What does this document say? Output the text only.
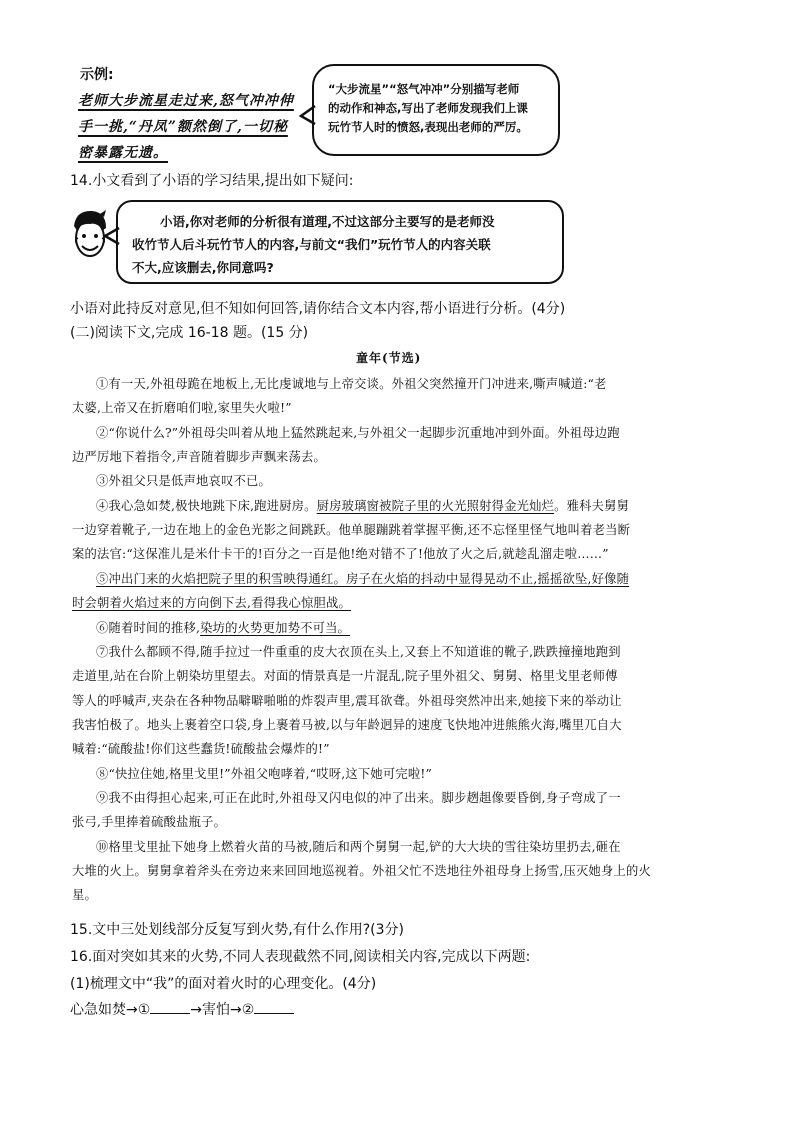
示例:
老师大步流星走过来,怒气冲冲伸
手一挑,“丹凤”额然倒了,一切秘
密暴露无遗。
“大步流星”“怒气冲冲”分别描写老师
的动作和神态,写出了老师发现我们上课
玩竹节人时的愤怒,表现出老师的严厉。
14.小文看到了小语的学习结果,提出如下疑问:
小语,你对老师的分析很有道理,不过这部分主要写的是老师没
收竹节人后斗玩竹节人的内容,与前文“我们”玩竹节人的内容关联
不大,应该删去,你同意吗?
小语对此持反对意见,但不知如何回答,请你结合文本内容,帮小语进行分析。(4分)
(二)阅读下文,完成 16-18 题。(15 分)
童年(节选)
①有一天,外祖母跪在地板上,无比虔诚地与上帝交谈。外祖父突然撞开门冲进来,嘶声喊道:“老
太婆,上帝又在折磨咱们啦,家里失火啦!”
②“你说什么?”外祖母尖叫着从地上猛然跳起来,与外祖父一起脚步沉重地冲到外面。外祖母边跑
边严厉地下着指令,声音随着脚步声飘来荡去。
③外祖父只是低声地哀叹不已。
④我心急如焚,极快地跳下床,跑进厨房。厨房玻璃窗被院子里的火光照射得金光灿烂。雅科夫舅舅
一边穿着靴子,一边在地上的金色光影之间跳跃。他单腿蹦跳着掌握平衡,还不忘怪里怪气地叫着老当断
案的法官:“这保准儿是米什卡干的!百分之一百是他!绝对错不了!他放了火之后,就趁乱溜走啦……”
⑤冲出门来的火焰把院子里的积雪映得通红。房子在火焰的抖动中显得晃动不止,摇摇欲坠,好像随
时会朝着火焰过来的方向倒下去,看得我心惊胆战。
⑥随着时间的推移,染坊的火势更加势不可当。
⑦我什么都顾不得,随手拉过一件重重的皮大衣顶在头上,又套上不知道谁的靴子,跌跌撞撞地跑到
走道里,站在台阶上朝染坊里望去。对面的情景真是一片混乱,院子里外祖父、舅舅、格里戈里老师傅
等人的呼喊声,夹杂在各种物品噼噼啪啪的炸裂声里,震耳欲聋。外祖母突然冲出来,她接下来的举动让
我害怕极了。地头上裹着空口袋,身上裹着马被,以与年龄迥异的速度飞快地冲进熊熊火海,嘴里兀自大
喊着:“硫酸盐!你们这些蠢货!硫酸盐会爆炸的!”
⑧“快拉住她,格里戈里!”外祖父咆哮着,“哎呀,这下她可完啦!”
⑨我不由得担心起来,可正在此时,外祖母又闪电似的冲了出来。脚步趔趄像要昏倒,身子弯成了一
张弓,手里捧着硫酸盐瓶子。
⑩格里戈里扯下她身上燃着火苗的马被,随后和两个舅舅一起,铲的大大块的雪往染坊里扔去,砸在
大堆的火上。舅舅拿着斧头在旁边来来回回地巡视着。外祖父忙不迭地往外祖母身上扬雪,压灭她身上的火
星。
15.文中三处划线部分反复写到火势,有什么作用?(3分)
16.面对突如其来的火势,不同人表现截然不同,阅读相关内容,完成以下两题:
(1)梳理文中“我”的面对着火时的心理变化。(4分)
心急如焚→①	→害怕→②
